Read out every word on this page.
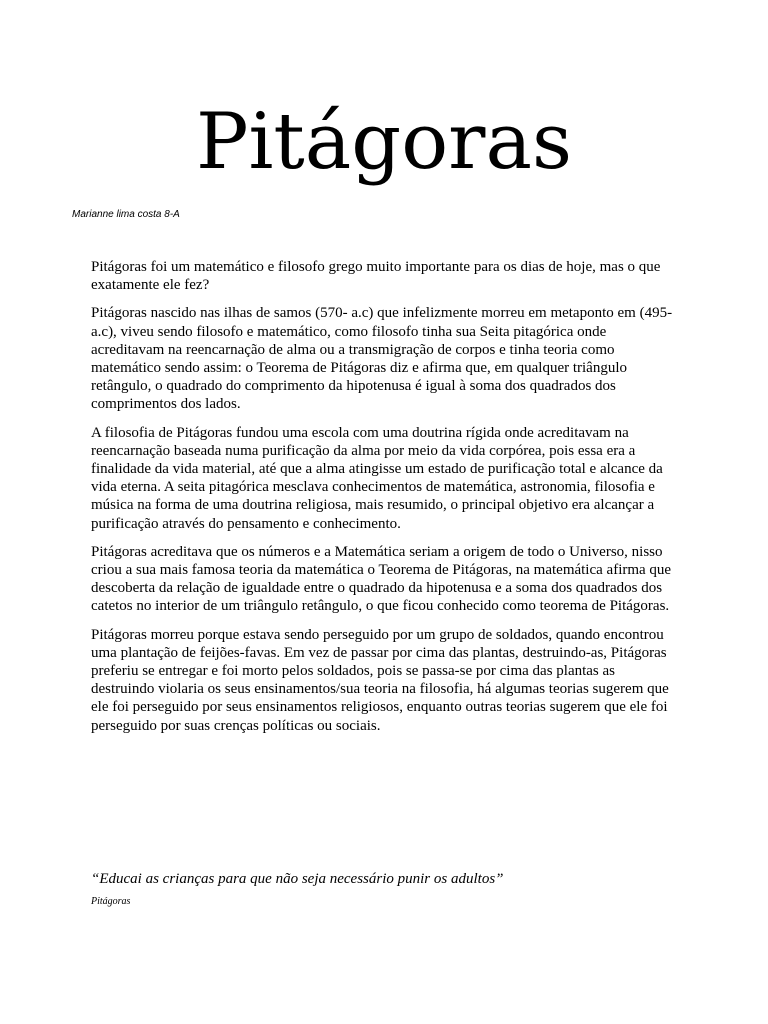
Pitágoras
Marianne lima costa 8-A

Pitágoras foi um matemático e filosofo grego muito importante para os dias de hoje, mas o que exatamente ele fez?

Pitágoras nascido nas ilhas de samos (570- a.c) que infelizmente morreu em metaponto em (495- a.c), viveu sendo filosofo e matemático, como filosofo tinha sua Seita pitagórica onde acreditavam na reencarnação de alma ou a transmigração de corpos e tinha teoria como matemático sendo assim: o Teorema de Pitágoras diz e afirma que, em qualquer triângulo retângulo, o quadrado do comprimento da hipotenusa é igual à soma dos quadrados dos comprimentos dos lados.

A filosofia de Pitágoras fundou uma escola com uma doutrina rígida onde acreditavam na reencarnação baseada numa purificação da alma por meio da vida corpórea, pois essa era a finalidade da vida material, até que a alma atingisse um estado de purificação total e alcance da vida eterna. A seita pitagórica mesclava conhecimentos de matemática, astronomia, filosofia e música na forma de uma doutrina religiosa, mais resumido, o principal objetivo era alcançar a purificação através do pensamento e conhecimento.

Pitágoras acreditava que os números e a Matemática seriam a origem de todo o Universo, nisso criou a sua mais famosa teoria da matemática o Teorema de Pitágoras, na matemática afirma que descoberta da relação de igualdade entre o quadrado da hipotenusa e a soma dos quadrados dos catetos no interior de um triângulo retângulo, o que ficou conhecido como teorema de Pitágoras.

Pitágoras morreu porque estava sendo perseguido por um grupo de soldados, quando encontrou uma plantação de feijões-favas. Em vez de passar por cima das plantas, destruindo-as, Pitágoras preferiu se entregar e foi morto pelos soldados, pois se passa-se por cima das plantas as destruindo violaria os seus ensinamentos/sua teoria na filosofia, há algumas teorias sugerem que ele foi perseguido por seus ensinamentos religiosos, enquanto outras teorias sugerem que ele foi perseguido por suas crenças políticas ou sociais.

“Educai as crianças para que não seja necessário punir os adultos”
Pitágoras
